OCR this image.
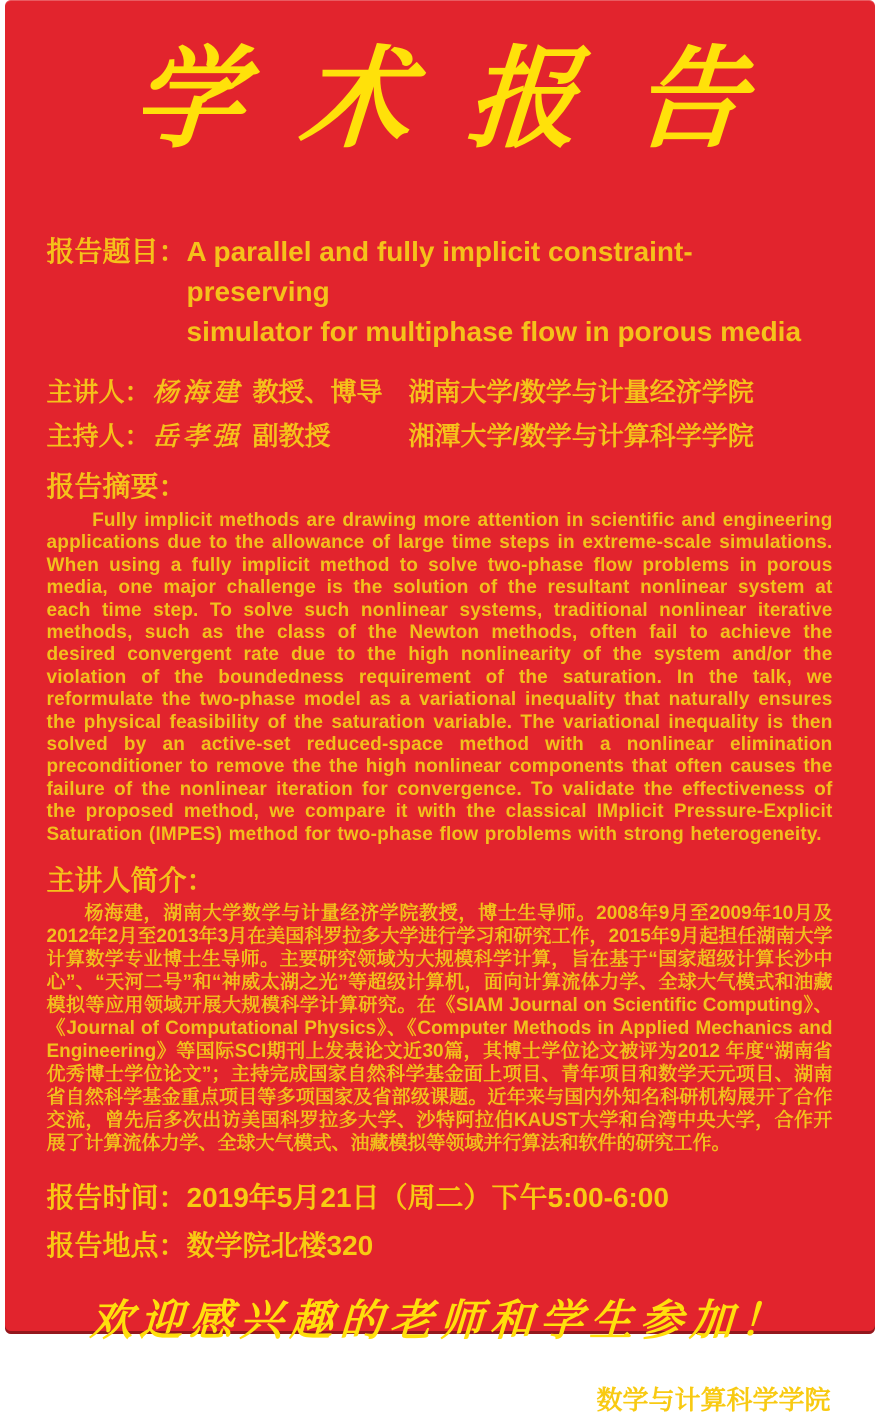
学术报告
报告题目： A parallel and fully implicit constraint-preserving
simulator for multiphase flow in porous media
主讲人： 杨海建 教授、博导 湖南大学/数学与计量经济学院
主持人： 岳孝强 副教授	湘潭大学/数学与计算科学学院
报告摘要：
Fully implicit methods are drawing more attention in scientific and engineering applications due to the allowance of large time steps in extreme-scale simulations. When using a fully implicit method to solve two-phase flow problems in porous media, one major challenge is the solution of the resultant nonlinear system at each time step. To solve such nonlinear systems, traditional nonlinear iterative methods, such as the class of the Newton methods, often fail to achieve the desired convergent rate due to the high nonlinearity of the system and/or the violation of the boundedness requirement of the saturation. In the talk, we reformulate the two-phase model as a variational inequality that naturally ensures the physical feasibility of the saturation variable. The variational inequality is then solved by an active-set reduced-space method with a nonlinear elimination preconditioner to remove the the high nonlinear components that often causes the failure of the nonlinear iteration for convergence. To validate the effectiveness of the proposed method, we compare it with the classical IMplicit Pressure-Explicit Saturation (IMPES) method for two-phase flow problems with strong heterogeneity.
主讲人简介：
杨海建，湖南大学数学与计量经济学院教授，博士生导师。2008年9月至2009年10月及2012年2月至2013年3月在美国科罗拉多大学进行学习和研究工作，2015年9月起担任湖南大学计算数学专业博士生导师。主要研究领域为大规模科学计算，旨在基于“国家超级计算长沙中心”、“天河二号”和“神威太湖之光”等超级计算机，面向计算流体力学、全球大气模式和油藏模拟等应用领域开展大规模科学计算研究。在《SIAM Journal on Scientific Computing》、《Journal of Computational Physics》、《Computer Methods in Applied Mechanics and Engineering》等国际SCI期刊上发表论文近30篇，其博士学位论文被评为2012 年度“湖南省优秀博士学位论文”；主持完成国家自然科学基金面上项目、青年项目和数学天元项目、湖南省自然科学基金重点项目等多项国家及省部级课题。近年来与国内外知名科研机构展开了合作交流，曾先后多次出访美国科罗拉多大学、沙特阿拉伯KAUST大学和台湾中央大学，合作开展了计算流体力学、全球大气模式、油藏模拟等领域并行算法和软件的研究工作。
报告时间： 2019年5月21日（周二）下午5:00-6:00
报告地点： 数学院北楼320
欢迎感兴趣的老师和学生参加！
数学与计算科学学院
